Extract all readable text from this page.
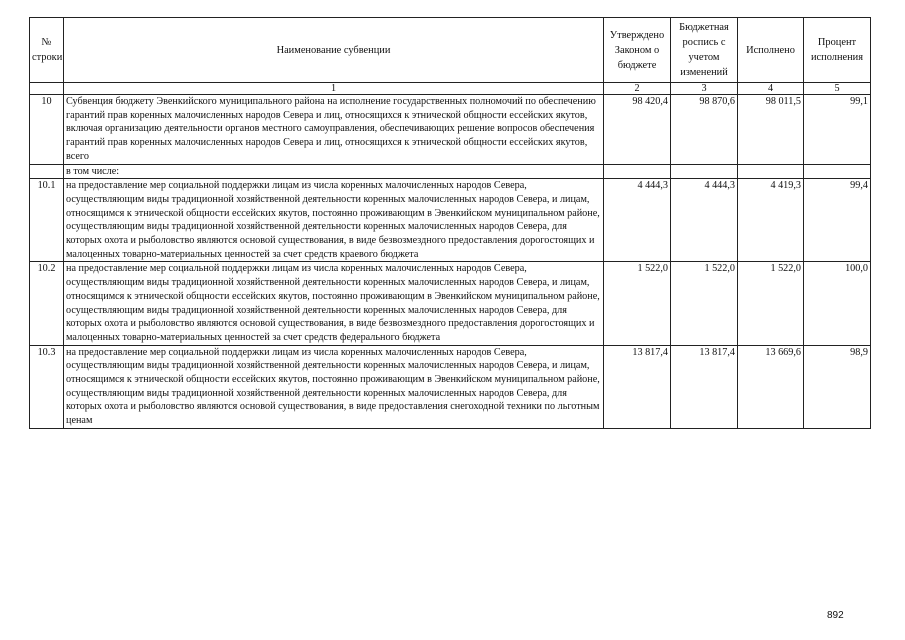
№ строки	Наименование субвенции	Утверждено Законом о бюджете	Бюджетная роспись с учетом изменений	Исполнено	Процент исполнения
	1	2	3	4	5
10	Субвенция бюджету Эвенкийского муниципального района на исполнение государственных полномочий по обеспечению гарантий прав коренных малочисленных народов Севера и лиц, относящихся к этнической общности ессейских якутов, включая организацию деятельности органов местного самоуправления, обеспечивающих решение вопросов обеспечения гарантий прав коренных малочисленных народов Севера и лиц, относящихся к этнической общности ессейских якутов, всего	98 420,4	98 870,6	98 011,5	99,1
	в том числе:				
10.1	на предоставление мер социальной поддержки лицам из числа коренных малочисленных народов Севера, осуществляющим виды традиционной хозяйственной деятельности коренных малочисленных народов Севера, и лицам, относящимся к этнической общности ессейских якутов, постоянно проживающим в Эвенкийском муниципальном районе, осуществляющим виды традиционной хозяйственной деятельности коренных малочисленных народов Севера, для которых охота и рыболовство являются основой существования, в виде безвозмездного предоставления дорогостоящих и малоценных товарно-материальных ценностей за счет средств краевого бюджета	4 444,3	4 444,3	4 419,3	99,4
10.2	на предоставление мер социальной поддержки лицам из числа коренных малочисленных народов Севера, осуществляющим виды традиционной хозяйственной деятельности коренных малочисленных народов Севера, и лицам, относящимся к этнической общности ессейских якутов, постоянно проживающим в Эвенкийском муниципальном районе, осуществляющим виды традиционной хозяйственной деятельности коренных малочисленных народов Севера, для которых охота и рыболовство являются основой существования, в виде безвозмездного предоставления дорогостоящих и малоценных товарно-материальных ценностей за счет средств федерального бюджета	1 522,0	1 522,0	1 522,0	100,0
10.3	на предоставление мер социальной поддержки лицам из числа коренных малочисленных народов Севера, осуществляющим виды традиционной хозяйственной деятельности коренных малочисленных народов Севера, и лицам, относящимся к этнической общности ессейских якутов, постоянно проживающим в Эвенкийском муниципальном районе, осуществляющим виды традиционной хозяйственной деятельности коренных малочисленных народов Севера, для которых охота и рыболовство являются основой существования, в виде предоставления снегоходной техники по льготным ценам	13 817,4	13 817,4	13 669,6	98,9
892
